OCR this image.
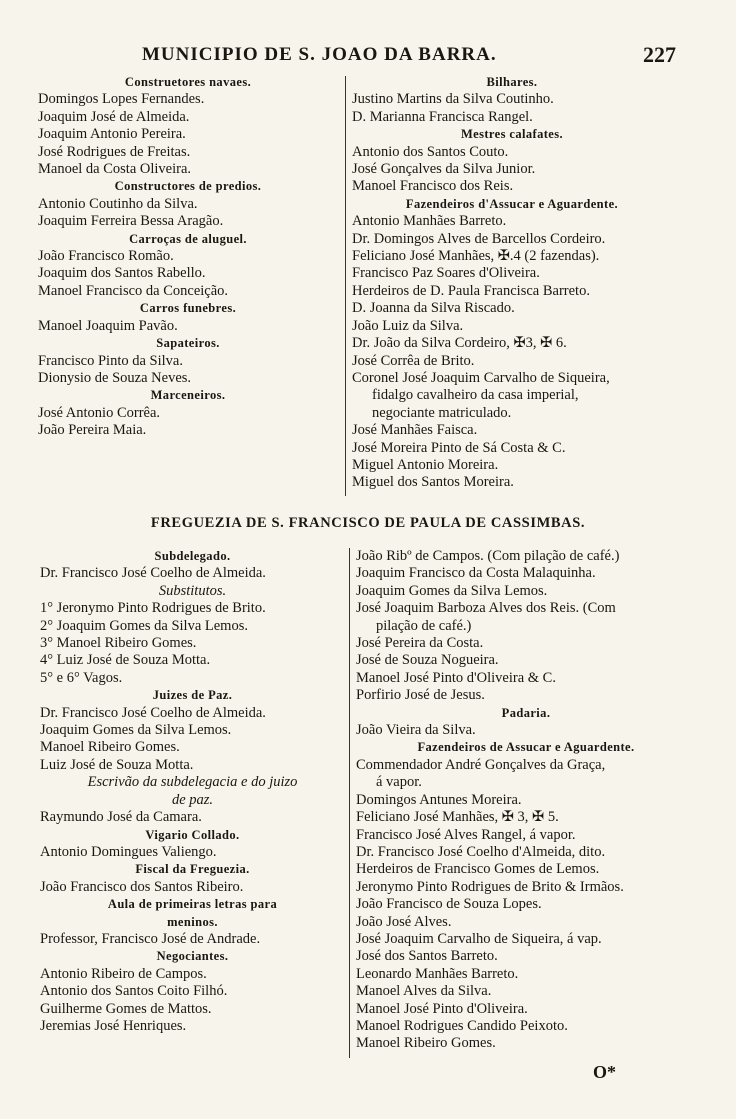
MUNICIPIO DE S. JOAO DA BARRA.	227
Construetores navaes.
Domingos Lopes Fernandes.
Joaquim José de Almeida.
Joaquim Antonio Pereira.
José Rodrigues de Freitas.
Manoel da Costa Oliveira.
Constructores de predios.
Antonio Coutinho da Silva.
Joaquim Ferreira Bessa Aragão.
Carroças de aluguel.
João Francisco Romão.
Joaquim dos Santos Rabello.
Manoel Francisco da Conceição.
Carros funebres.
Manoel Joaquim Pavão.
Sapateiros.
Francisco Pinto da Silva.
Dionysio de Souza Neves.
Marceneiros.
José Antonio Corrêa.
João Pereira Maia.
Bilhares.
Justino Martins da Silva Coutinho.
D. Marianna Francisca Rangel.
Mestres calafates.
Antonio dos Santos Couto.
José Gonçalves da Silva Junior.
Manoel Francisco dos Reis.
Fazendeiros d'Assucar e Aguardente.
Antonio Manhães Barreto.
Dr. Domingos Alves de Barcellos Cordeiro.
Feliciano José Manhães, ✠.4 (2 fazendas).
Francisco Paz Soares d'Oliveira.
Herdeiros de D. Paula Francisca Barreto.
D. Joanna da Silva Riscado.
João Luiz da Silva.
Dr. João da Silva Cordeiro, ✠3, ✠ 6.
José Corrêa de Brito.
Coronel José Joaquim Carvalho de Siqueira,
fidalgo cavalheiro da casa imperial,
negociante matriculado.
José Manhães Faisca.
José Moreira Pinto de Sá Costa & C.
Miguel Antonio Moreira.
Miguel dos Santos Moreira.
FREGUEZIA DE S. FRANCISCO DE PAULA DE CASSIMBAS.
Subdelegado.
Dr. Francisco José Coelho de Almeida.
Substitutos.
1° Jeronymo Pinto Rodrigues de Brito.
2° Joaquim Gomes da Silva Lemos.
3° Manoel Ribeiro Gomes.
4° Luiz José de Souza Motta.
5° e 6° Vagos.
Juizes de Paz.
Dr. Francisco José Coelho de Almeida.
Joaquim Gomes da Silva Lemos.
Manoel Ribeiro Gomes.
Luiz José de Souza Motta.
Escrivão da subdelegacia e do juizo
de paz.
Raymundo José da Camara.
Vigario Collado.
Antonio Domingues Valiengo.
Fiscal da Freguezia.
João Francisco dos Santos Ribeiro.
Aula de primeiras letras para
meninos.
Professor, Francisco José de Andrade.
Negociantes.
Antonio Ribeiro de Campos.
Antonio dos Santos Coito Filhó.
Guilherme Gomes de Mattos.
Jeremias José Henriques.
João Ribº de Campos. (Com pilação de café.)
Joaquim Francisco da Costa Malaquinha.
Joaquim Gomes da Silva Lemos.
José Joaquim Barboza Alves dos Reis. (Com
pilação de café.)
José Pereira da Costa.
José de Souza Nogueira.
Manoel José Pinto d'Oliveira & C.
Porfirio José de Jesus.
Padaria.
João Vieira da Silva.
Fazendeiros de Assucar e Aguardente.
Commendador André Gonçalves da Graça,
á vapor.
Domingos Antunes Moreira.
Feliciano José Manhães, ✠ 3, ✠ 5.
Francisco José Alves Rangel, á vapor.
Dr. Francisco José Coelho d'Almeida, dito.
Herdeiros de Francisco Gomes de Lemos.
Jeronymo Pinto Rodrigues de Brito & Irmãos.
João Francisco de Souza Lopes.
João José Alves.
José Joaquim Carvalho de Siqueira, á vap.
José dos Santos Barreto.
Leonardo Manhães Barreto.
Manoel Alves da Silva.
Manoel José Pinto d'Oliveira.
Manoel Rodrigues Candido Peixoto.
Manoel Ribeiro Gomes.
O*
